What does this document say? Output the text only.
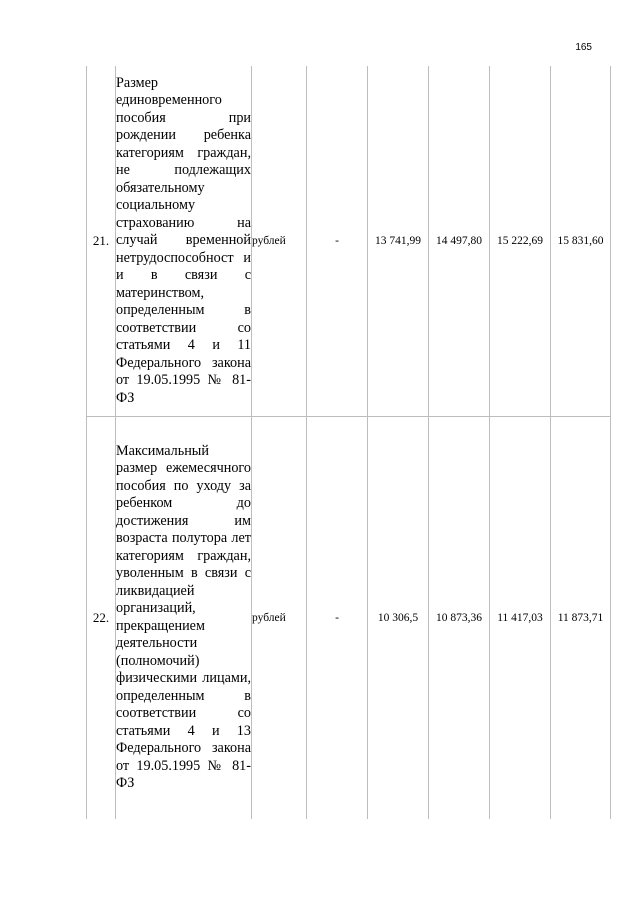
165
21.	Размер единовременного пособия при рождении ребенка категориям граждан, не подлежащих обязательному социальному страхованию на случай временной нетрудоспособност и и в связи с материнством, определенным в соответствии со статьями 4 и 11 Федерального закона от 19.05.1995 № 81-ФЗ	рублей	-	13 741,99	14 497,80	15 222,69	15 831,60
22.	Максимальный размер ежемесячного пособия по уходу за ребенком до достижения им возраста полутора лет категориям граждан, уволенным в связи с ликвидацией организаций, прекращением деятельности (полномочий) физическими лицами, определенным в соответствии со статьями 4 и 13 Федерального закона от 19.05.1995 № 81-ФЗ	рублей	-	10 306,5	10 873,36	11 417,03	11 873,71
